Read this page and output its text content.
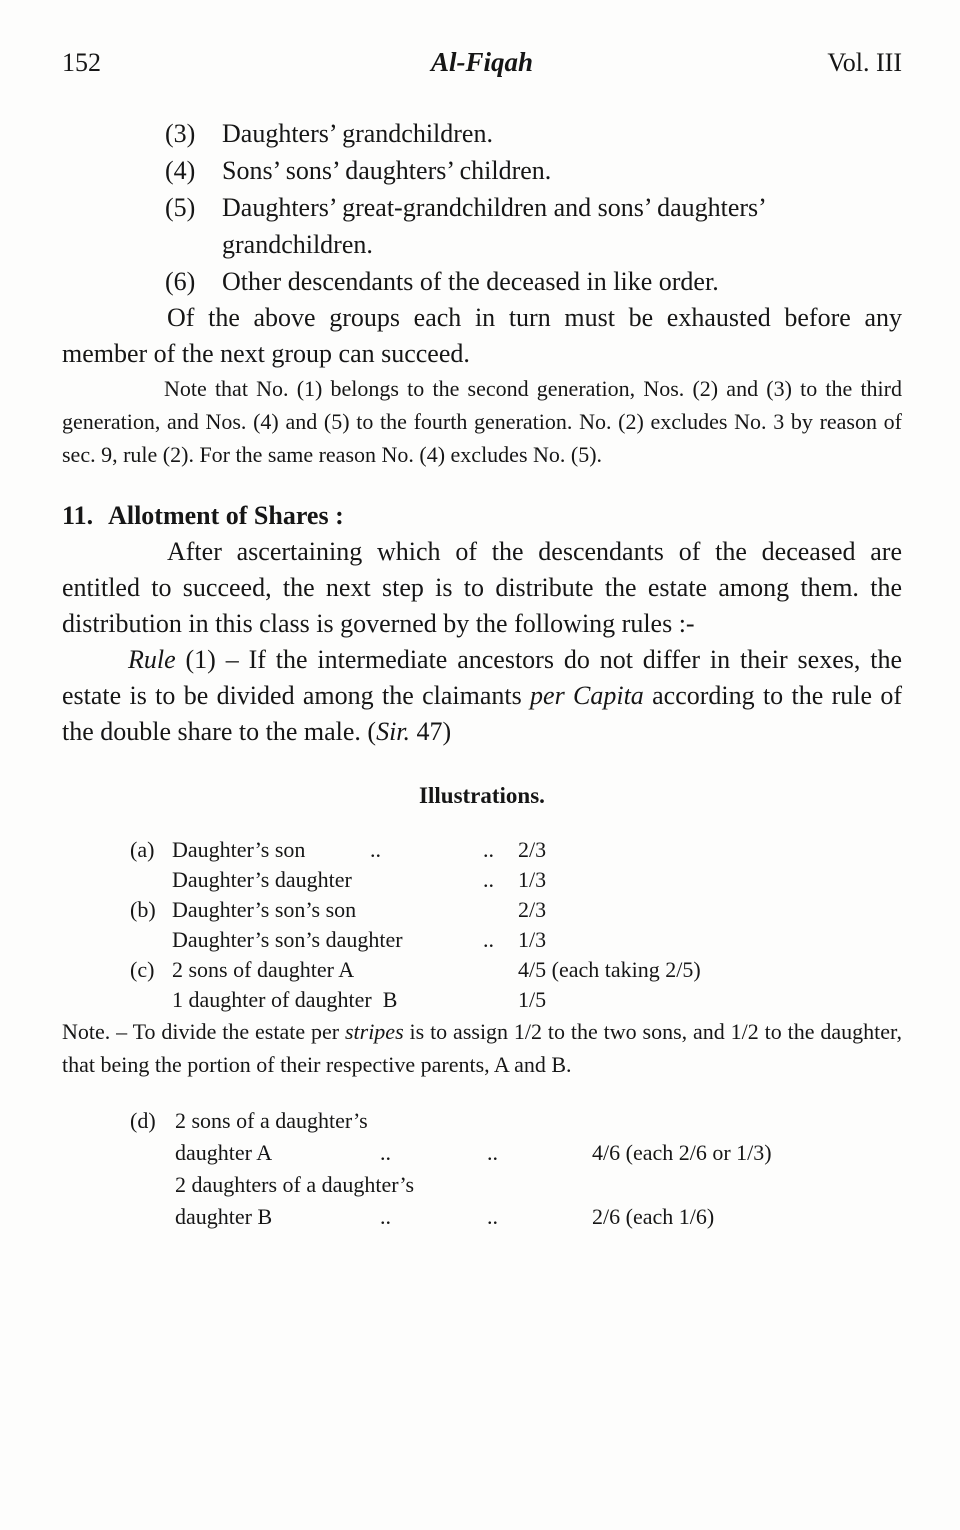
152	Al-Fiqah	Vol. III
(3)	Daughters’ grandchildren.
(4)	Sons’ sons’ daughters’ children.
(5)	Daughters’ great-grandchildren and sons’ daughters’ grandchildren.
(6)	Other descendants of the deceased in like order.

Of the above groups each in turn must be exhausted before any member of the next group can succeed.

Note that No. (1) belongs to the second generation, Nos. (2) and (3) to the third generation, and Nos. (4) and (5) to the fourth generation. No. (2) excludes No. 3 by reason of sec. 9, rule (2). For the same reason No. (4) excludes No. (5).

11. Allotment of Shares :

After ascertaining which of the descendants of the deceased are entitled to succeed, the next step is to distribute the estate among them. the distribution in this class is governed by the following rules :-

Rule (1) – If the intermediate ancestors do not differ in their sexes, the estate is to be divided among the claimants per Capita according to the rule of the double share to the male. (Sir. 47)

Illustrations.
(a) Daughter’s son	..	..	2/3
Daughter’s daughter	..	1/3
(b) Daughter’s son’s son	2/3
Daughter’s son’s daughter	..	1/3
(c) 2 sons of daughter A	4/5 (each taking 2/5)
1 daughter of daughter  B	1/5

Note. – To divide the estate per stripes is to assign 1/2 to the two sons, and 1/2 to the daughter, that being the portion of their respective parents, A and B.

(d) 2 sons of a daughter’s
daughter A	..	..	4/6 (each 2/6 or 1/3)
2 daughters of a daughter’s
daughter B	..	..	2/6 (each 1/6)
